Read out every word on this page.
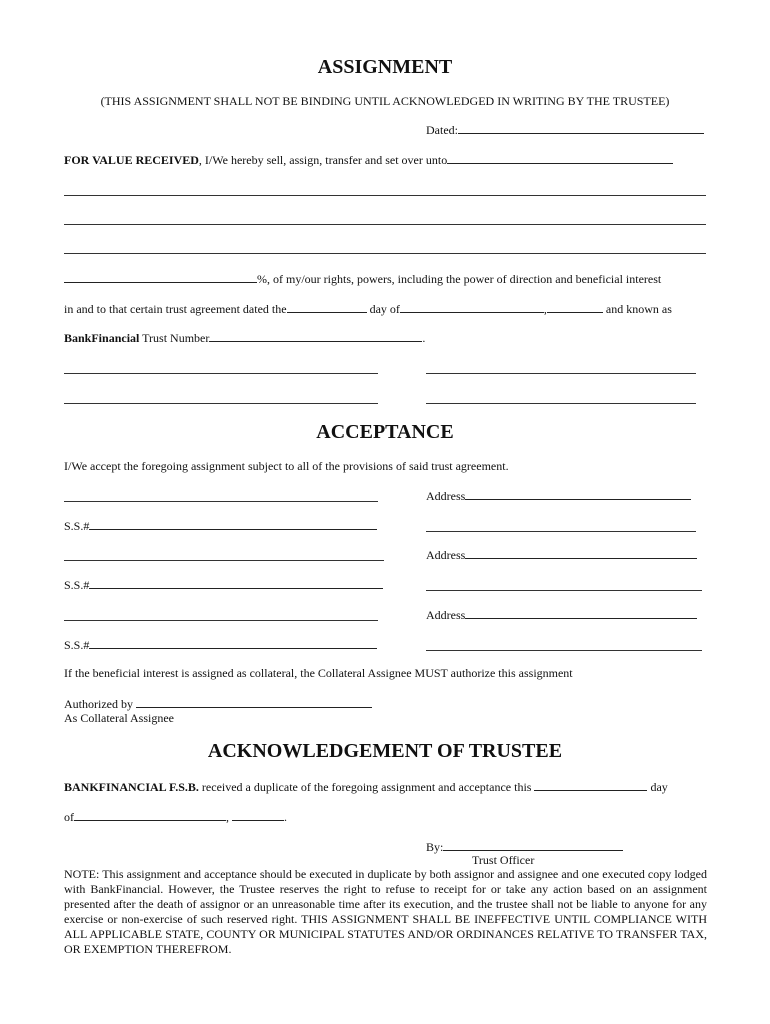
ASSIGNMENT
(THIS ASSIGNMENT SHALL NOT BE BINDING UNTIL ACKNOWLEDGED IN WRITING BY THE TRUSTEE)
Dated:
FOR VALUE RECEIVED, I/We hereby sell, assign, transfer and set over unto
%, of my/our rights, powers, including the power of direction and beneficial interest
in and to that certain trust agreement dated the	day of	,	and known as
BankFinancial Trust Number	.
ACCEPTANCE
I/We accept the foregoing assignment subject to all of the provisions of said trust agreement.
Address
S.S.#
Address
S.S.#
Address
S.S.#
If the beneficial interest is assigned as collateral, the Collateral Assignee MUST authorize this assignment
Authorized by
As Collateral Assignee
ACKNOWLEDGEMENT OF TRUSTEE
BANKFINANCIAL F.S.B. received a duplicate of the foregoing assignment and acceptance this	day
of	,	.
By:
Trust Officer
NOTE: This assignment and acceptance should be executed in duplicate by both assignor and assignee and one executed copy lodged with BankFinancial. However, the Trustee reserves the right to refuse to receipt for or take any action based on an assignment presented after the death of assignor or an unreasonable time after its execution, and the trustee shall not be liable to anyone for any exercise or non-exercise of such reserved right. THIS ASSIGNMENT SHALL BE INEFFECTIVE UNTIL COMPLIANCE WITH ALL APPLICABLE STATE, COUNTY OR MUNICIPAL STATUTES AND/OR ORDINANCES RELATIVE TO TRANSFER TAX, OR EXEMPTION THEREFROM.
